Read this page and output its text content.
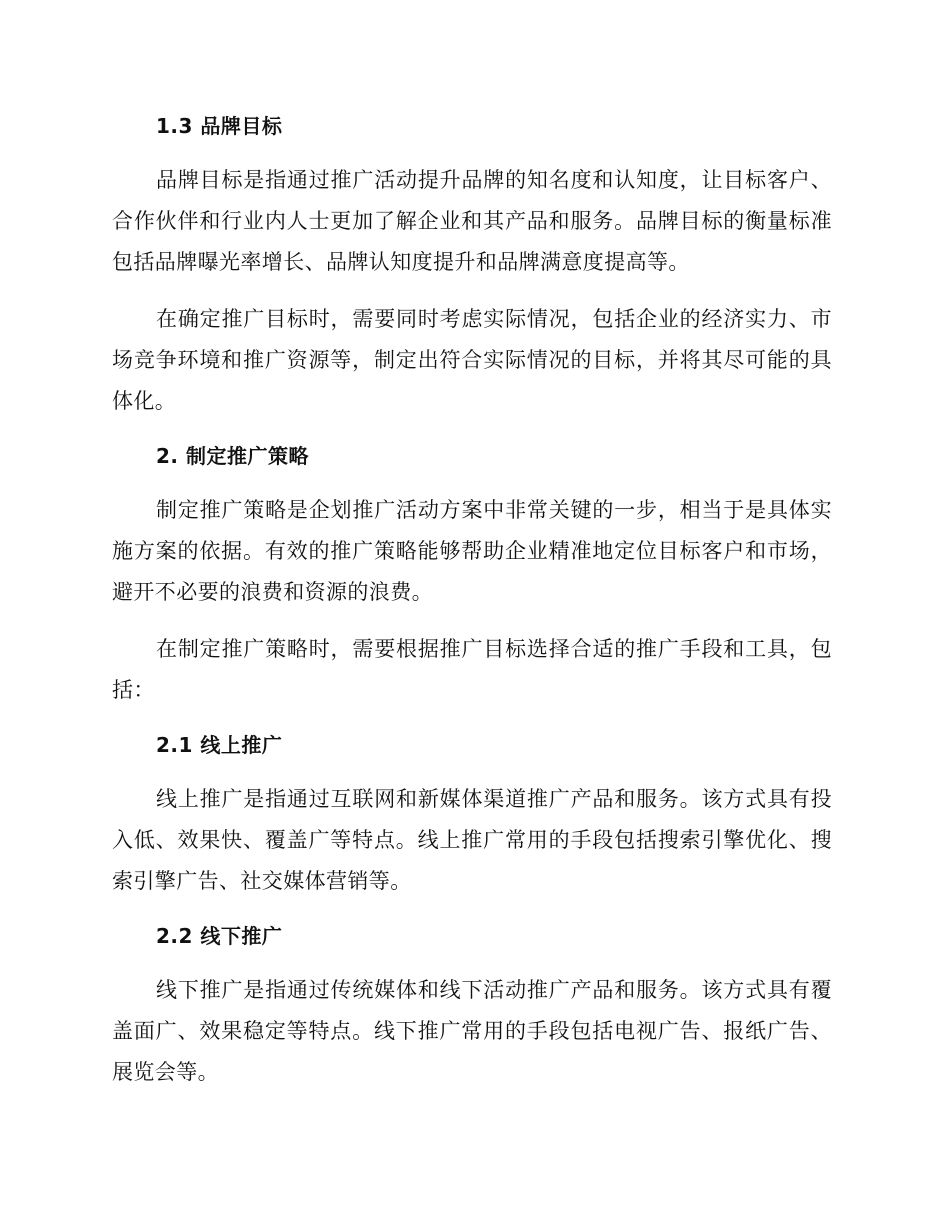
1.3 品牌目标

品牌目标是指通过推广活动提升品牌的知名度和认知度，让目标客户、合作伙伴和行业内人士更加了解企业和其产品和服务。品牌目标的衡量标准包括品牌曝光率增长、品牌认知度提升和品牌满意度提高等。

在确定推广目标时，需要同时考虑实际情况，包括企业的经济实力、市场竞争环境和推广资源等，制定出符合实际情况的目标，并将其尽可能的具体化。

2. 制定推广策略

制定推广策略是企划推广活动方案中非常关键的一步，相当于是具体实施方案的依据。有效的推广策略能够帮助企业精准地定位目标客户和市场，避开不必要的浪费和资源的浪费。

在制定推广策略时，需要根据推广目标选择合适的推广手段和工具，包括：

2.1 线上推广

线上推广是指通过互联网和新媒体渠道推广产品和服务。该方式具有投入低、效果快、覆盖广等特点。线上推广常用的手段包括搜索引擎优化、搜索引擎广告、社交媒体营销等。

2.2 线下推广

线下推广是指通过传统媒体和线下活动推广产品和服务。该方式具有覆盖面广、效果稳定等特点。线下推广常用的手段包括电视广告、报纸广告、展览会等。
